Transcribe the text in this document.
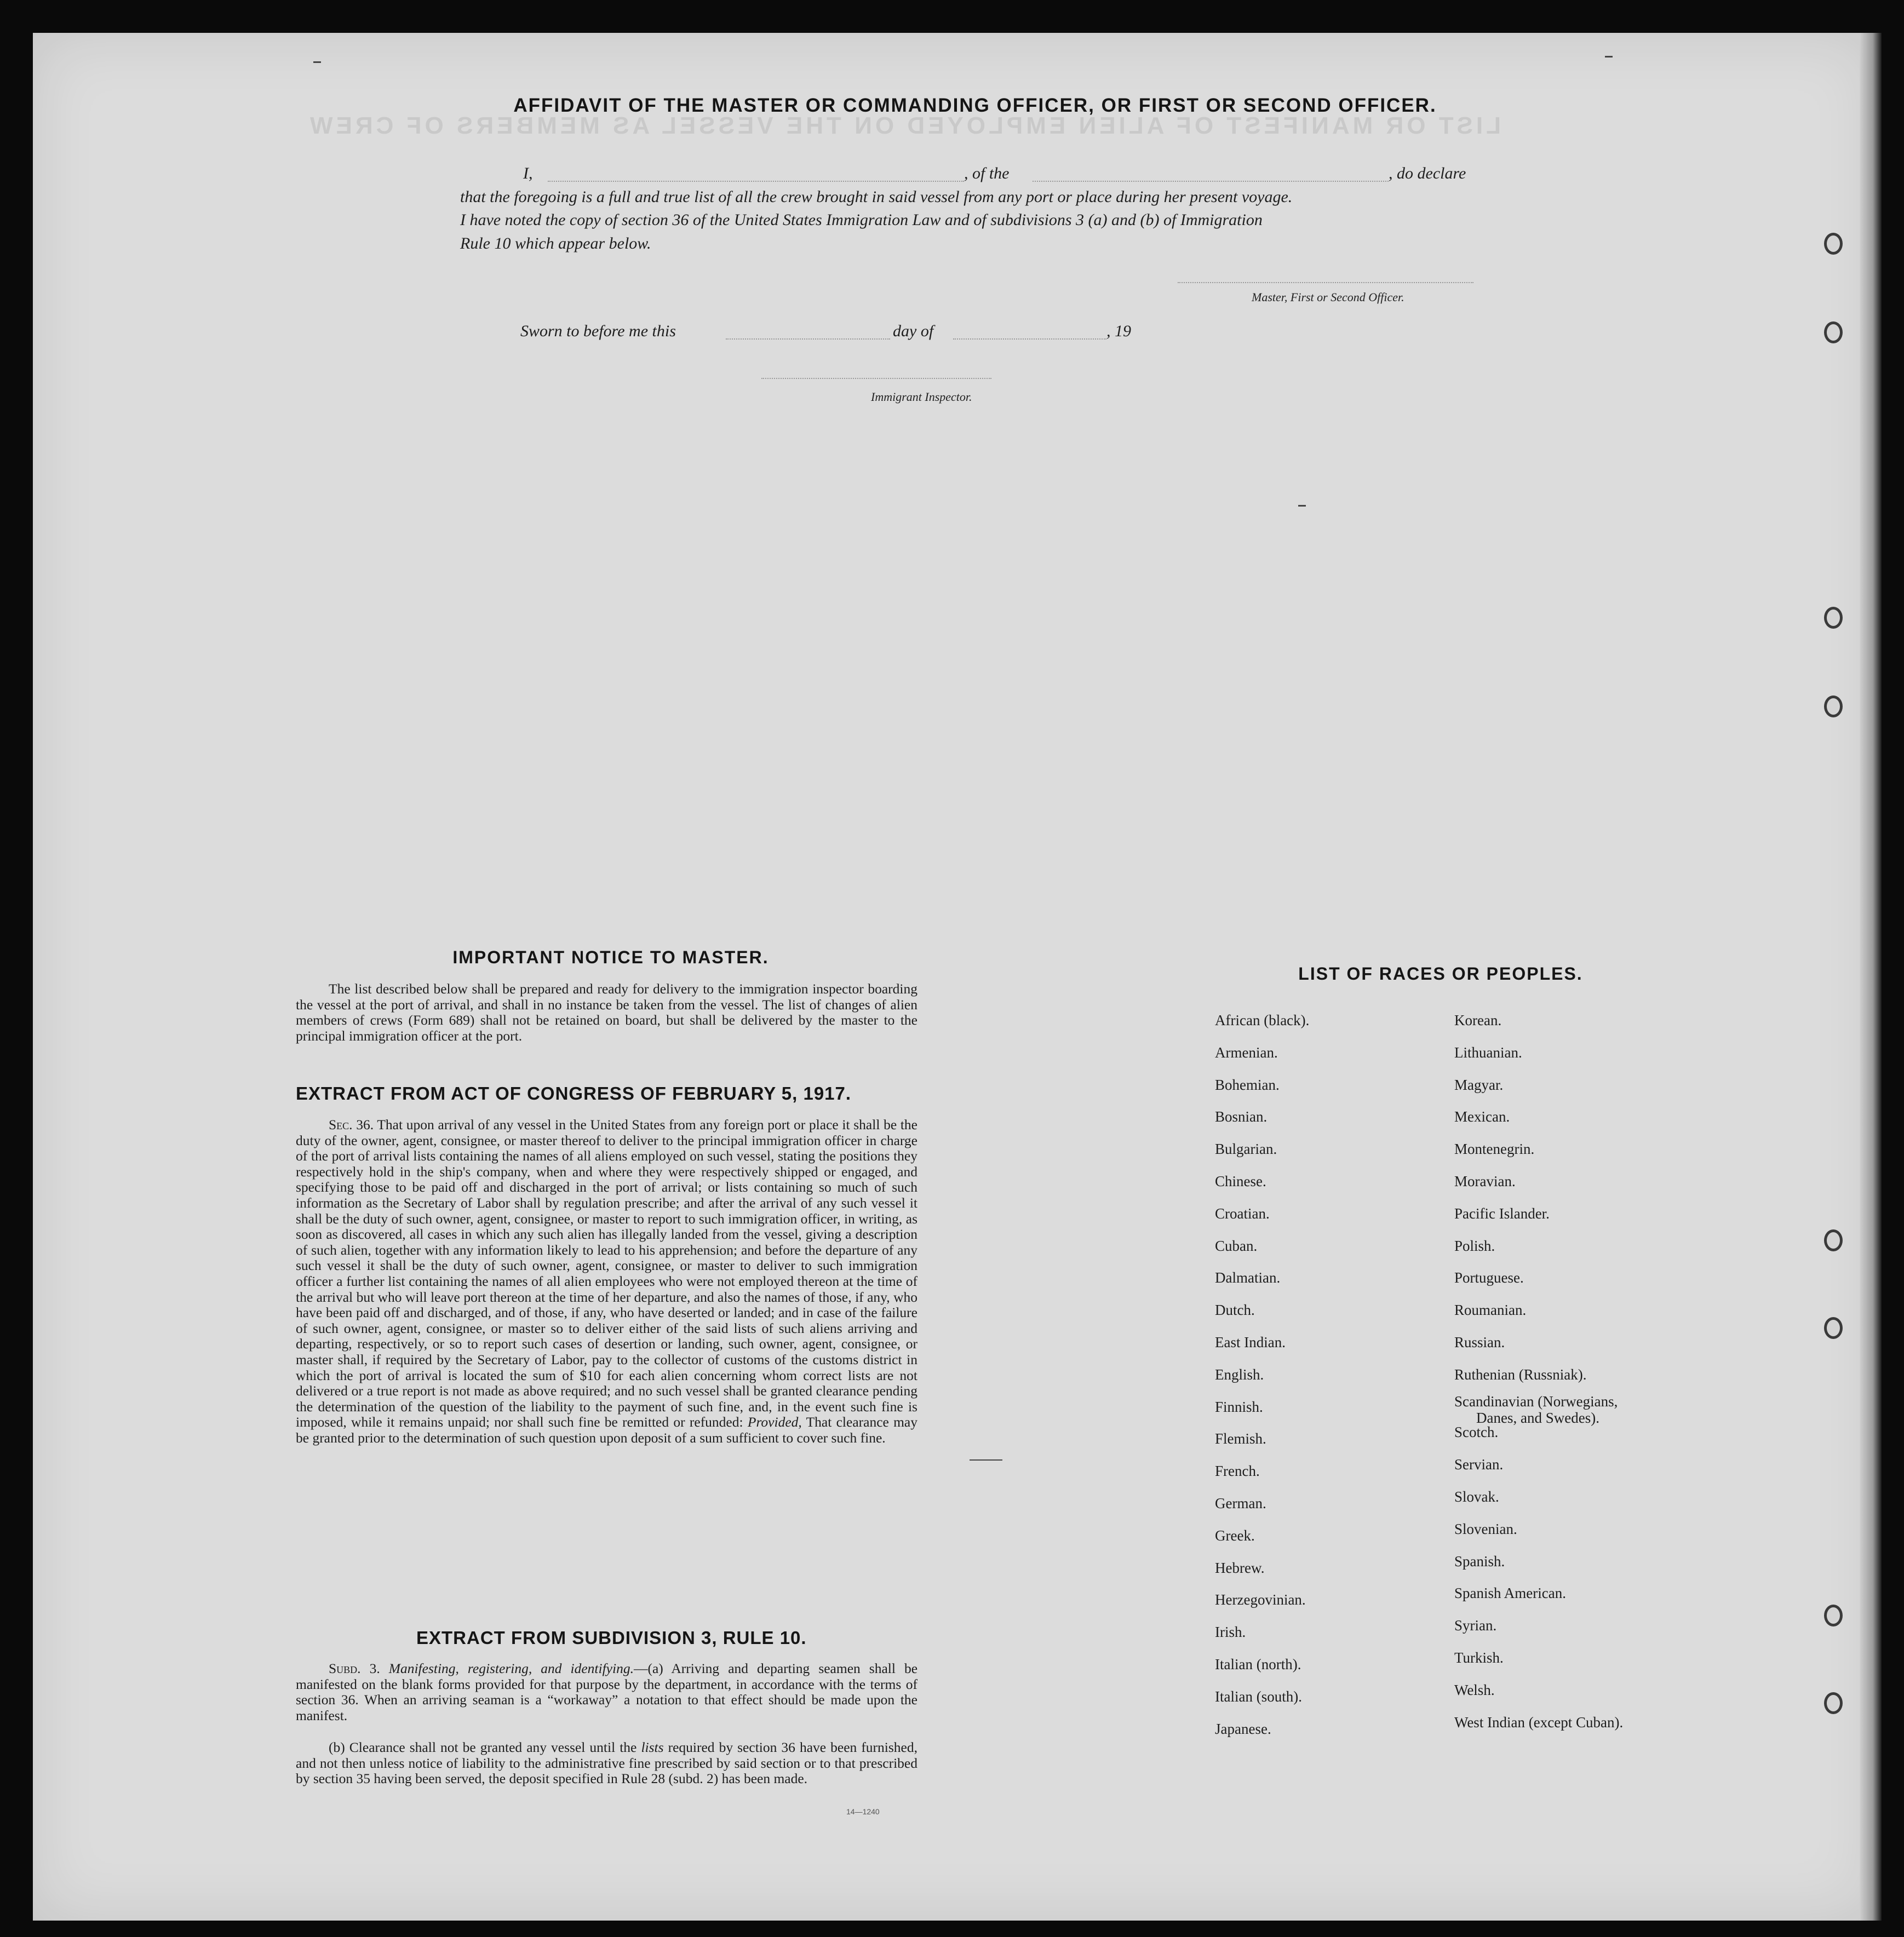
LIST OR MANIFEST OF ALIEN EMPLOYED ON THE VESSEL AS MEMBERS OF CREW
AFFIDAVIT OF THE MASTER OR COMMANDING OFFICER, OR FIRST OR SECOND OFFICER.
I,	, of the	, do declare
that the foregoing is a full and true list of all the crew brought in said vessel from any port or place during her present voyage.
I have noted the copy of section 36 of the United States Immigration Law and of subdivisions 3 (a) and (b) of Immigration
Rule 10 which appear below.
Master, First or Second Officer.
Sworn to before me this	day of	, 19
Immigrant Inspector.
IMPORTANT NOTICE TO MASTER.

The list described below shall be prepared and ready for delivery to the immigration inspector boarding the vessel at the port of arrival, and shall in no instance be taken from the vessel. The list of changes of alien members of crews (Form 689) shall not be retained on board, but shall be delivered by the master to the principal immigration officer at the port.

EXTRACT FROM ACT OF CONGRESS OF FEBRUARY 5, 1917.

Sec. 36. That upon arrival of any vessel in the United States from any foreign port or place it shall be the duty of the owner, agent, consignee, or master thereof to deliver to the principal immigration officer in charge of the port of arrival lists containing the names of all aliens employed on such vessel, stating the positions they respectively hold in the ship's company, when and where they were respectively shipped or engaged, and specifying those to be paid off and discharged in the port of arrival; or lists containing so much of such information as the Secretary of Labor shall by regulation prescribe; and after the arrival of any such vessel it shall be the duty of such owner, agent, consignee, or master to report to such immigration officer, in writing, as soon as discovered, all cases in which any such alien has illegally landed from the vessel, giving a description of such alien, together with any information likely to lead to his apprehension; and before the departure of any such vessel it shall be the duty of such owner, agent, consignee, or master to deliver to such immigration officer a further list containing the names of all alien employees who were not employed thereon at the time of the arrival but who will leave port thereon at the time of her departure, and also the names of those, if any, who have been paid off and discharged, and of those, if any, who have deserted or landed; and in case of the failure of such owner, agent, consignee, or master so to deliver either of the said lists of such aliens arriving and departing, respectively, or so to report such cases of desertion or landing, such owner, agent, consignee, or master shall, if required by the Secretary of Labor, pay to the collector of customs of the customs district in which the port of arrival is located the sum of $10 for each alien concerning whom correct lists are not delivered or a true report is not made as above required; and no such vessel shall be granted clearance pending the determination of the question of the liability to the payment of such fine, and, in the event such fine is imposed, while it remains unpaid; nor shall such fine be remitted or refunded: Provided, That clearance may be granted prior to the determination of such question upon deposit of a sum sufficient to cover such fine.

EXTRACT FROM SUBDIVISION 3, RULE 10.

Subd. 3. Manifesting, registering, and identifying.—(a) Arriving and departing seamen shall be manifested on the blank forms provided for that purpose by the department, in accordance with the terms of section 36. When an arriving seaman is a “workaway” a notation to that effect should be made upon the manifest.

(b) Clearance shall not be granted any vessel until the lists required by section 36 have been furnished, and not then unless notice of liability to the administrative fine prescribed by said section or to that prescribed by section 35 having been served, the deposit specified in Rule 28 (subd. 2) has been made.

14—1240
LIST OF RACES OR PEOPLES.
African (black).
Armenian.
Bohemian.
Bosnian.
Bulgarian.
Chinese.
Croatian.
Cuban.
Dalmatian.
Dutch.
East Indian.
English.
Finnish.
Flemish.
French.
German.
Greek.
Hebrew.
Herzegovinian.
Irish.
Italian (north).
Italian (south).
Japanese.
Korean.
Lithuanian.
Magyar.
Mexican.
Montenegrin.
Moravian.
Pacific Islander.
Polish.
Portuguese.
Roumanian.
Russian.
Ruthenian (Russniak).
Scandinavian (Norwegians,
Danes, and Swedes).
Scotch.
Servian.
Slovak.
Slovenian.
Spanish.
Spanish American.
Syrian.
Turkish.
Welsh.
West Indian (except Cuban).
